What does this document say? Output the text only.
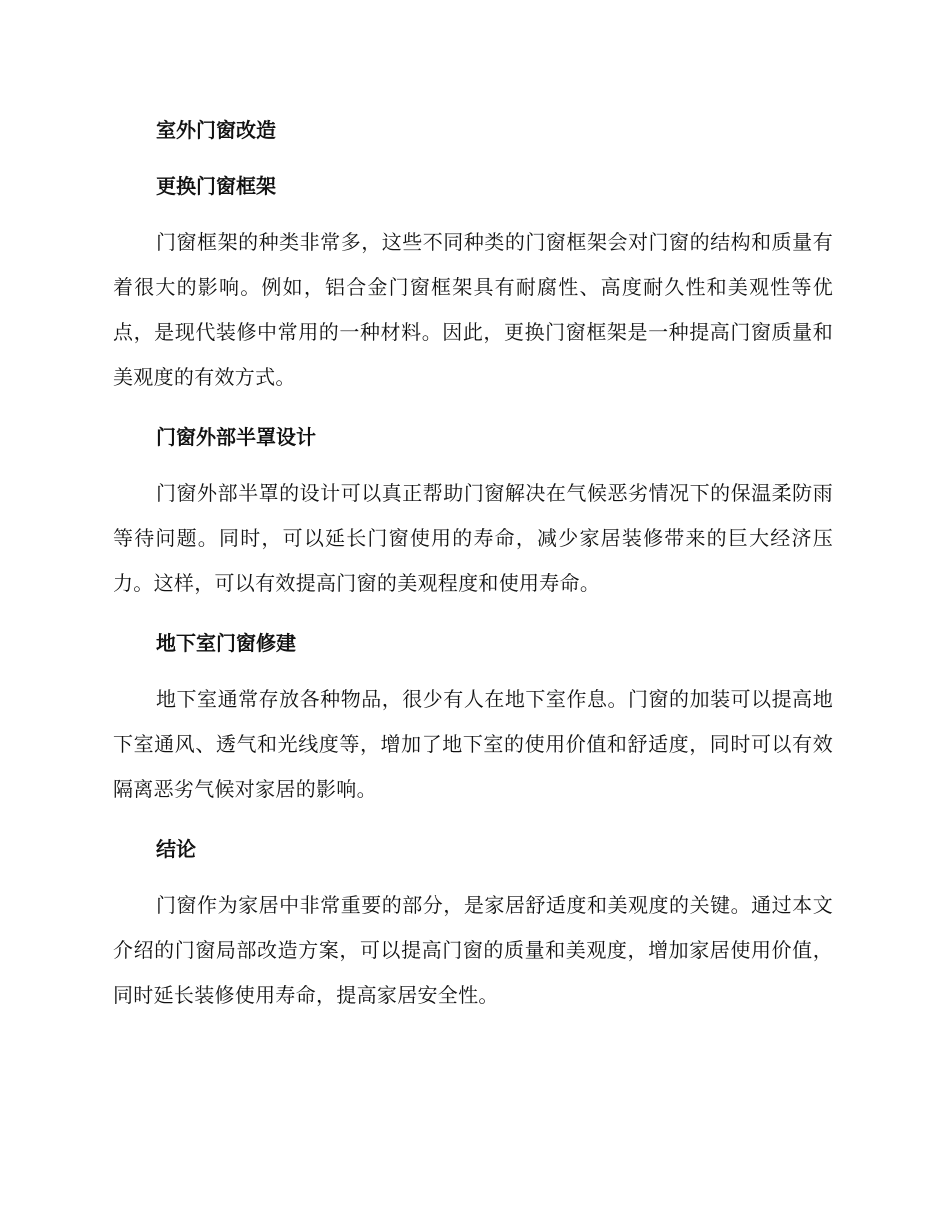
室外门窗改造
更换门窗框架

门窗框架的种类非常多，这些不同种类的门窗框架会对门窗的结构和质量有着很大的影响。例如，铝合金门窗框架具有耐腐性、高度耐久性和美观性等优点，是现代装修中常用的一种材料。因此，更换门窗框架是一种提高门窗质量和美观度的有效方式。

门窗外部半罩设计

门窗外部半罩的设计可以真正帮助门窗解决在气候恶劣情况下的保温柔防雨等待问题。同时，可以延长门窗使用的寿命，减少家居装修带来的巨大经济压力。这样，可以有效提高门窗的美观程度和使用寿命。

地下室门窗修建

地下室通常存放各种物品，很少有人在地下室作息。门窗的加装可以提高地下室通风、透气和光线度等，增加了地下室的使用价值和舒适度，同时可以有效隔离恶劣气候对家居的影响。

结论

门窗作为家居中非常重要的部分，是家居舒适度和美观度的关键。通过本文介绍的门窗局部改造方案，可以提高门窗的质量和美观度，增加家居使用价值，同时延长装修使用寿命，提高家居安全性。
